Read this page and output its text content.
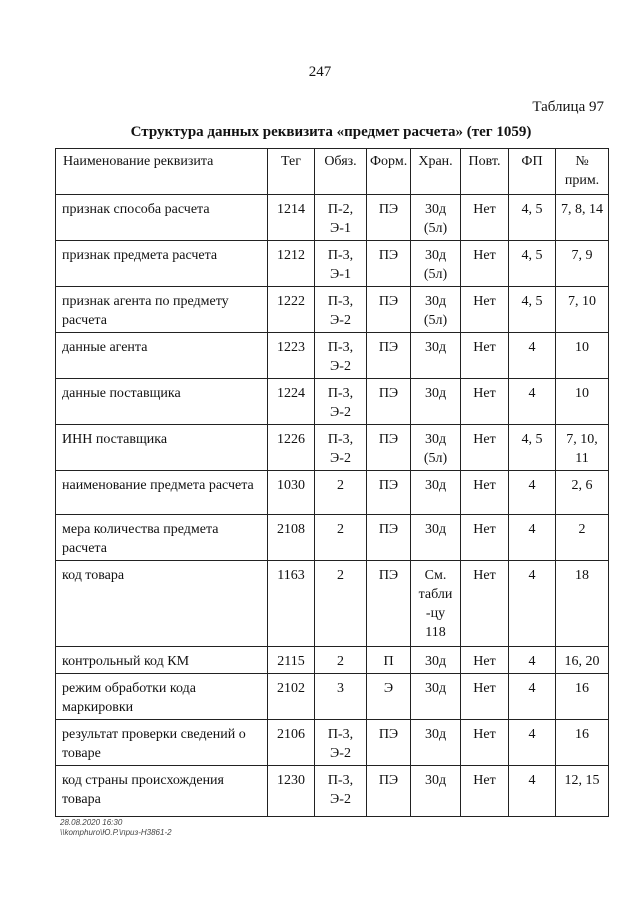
247
Таблица 97
Структура данных реквизита «предмет расчета» (тег 1059)
Наименование реквизита	Тег	Обяз.	Форм.	Хран.	Повт.	ФП	№ прим.
признак способа расчета	1214	П-2, Э-1	ПЭ	30д (5л)	Нет	4, 5	7, 8, 14
признак предмета расчета	1212	П-3, Э-1	ПЭ	30д (5л)	Нет	4, 5	7, 9
признак агента по предмету расчета	1222	П-3, Э-2	ПЭ	30д (5л)	Нет	4, 5	7, 10
данные агента	1223	П-3, Э-2	ПЭ	30д	Нет	4	10
данные поставщика	1224	П-3, Э-2	ПЭ	30д	Нет	4	10
ИНН поставщика	1226	П-3, Э-2	ПЭ	30д (5л)	Нет	4, 5	7, 10, 11
наименование предмета расчета	1030	2	ПЭ	30д	Нет	4	2, 6
мера количества предмета расчета	2108	2	ПЭ	30д	Нет	4	2
код товара	1163	2	ПЭ	См. табли -цу 118	Нет	4	18
контрольный код КМ	2115	2	П	30д	Нет	4	16, 20
режим обработки кода маркировки	2102	3	Э	30д	Нет	4	16
результат проверки сведений о товаре	2106	П-3, Э-2	ПЭ	30д	Нет	4	16
код страны происхождения товара	1230	П-3, Э-2	ПЭ	30д	Нет	4	12, 15
28.08.2020 16:30
\\komphuro\Ю.Р.\приз-Н3861-2
